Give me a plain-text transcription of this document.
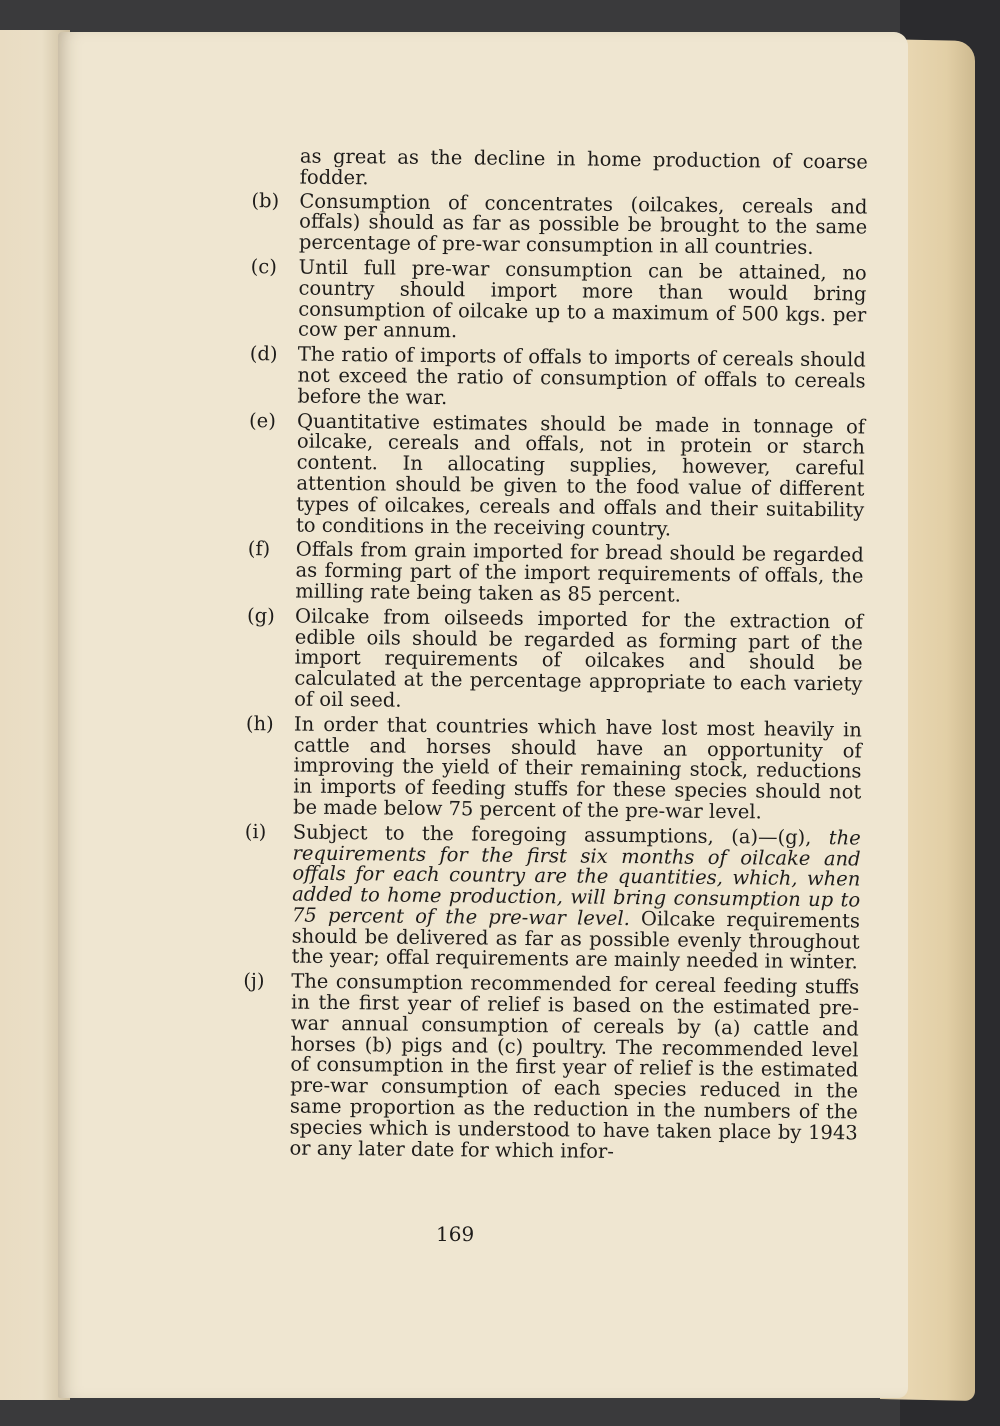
as great as the decline in home production of coarse fodder.
(b) Consumption of concentrates (oilcakes, cereals and offals) should as far as possible be brought to the same percentage of pre-war consumption in all countries.
(c) Until full pre-war consumption can be attained, no country should import more than would bring consumption of oilcake up to a maximum of 500 kgs. per cow per annum.
(d) The ratio of imports of offals to imports of cereals should not exceed the ratio of consumption of offals to cereals before the war.
(e) Quantitative estimates should be made in tonnage of oilcake, cereals and offals, not in protein or starch content. In allocating supplies, however, careful attention should be given to the food value of different types of oilcakes, cereals and offals and their suitability to conditions in the receiving country.
(f) Offals from grain imported for bread should be regarded as forming part of the import requirements of offals, the milling rate being taken as 85 percent.
(g) Oilcake from oilseeds imported for the extraction of edible oils should be regarded as forming part of the import requirements of oilcakes and should be calculated at the percentage appropriate to each variety of oil seed.
(h) In order that countries which have lost most heavily in cattle and horses should have an opportunity of improving the yield of their remaining stock, reductions in imports of feeding stuffs for these species should not be made below 75 percent of the pre-war level.
(i) Subject to the foregoing assumptions, (a)—(g), the requirements for the first six months of oilcake and offals for each country are the quantities, which, when added to home production, will bring consumption up to 75 percent of the pre-war level. Oilcake requirements should be delivered as far as possible evenly throughout the year; offal requirements are mainly needed in winter.
(j) The consumption recommended for cereal feeding stuffs in the first year of relief is based on the estimated pre-war annual consumption of cereals by (a) cattle and horses (b) pigs and (c) poultry. The recommended level of consumption in the first year of relief is the estimated pre-war consumption of each species reduced in the same proportion as the reduction in the numbers of the species which is understood to have taken place by 1943 or any later date for which infor-
169
